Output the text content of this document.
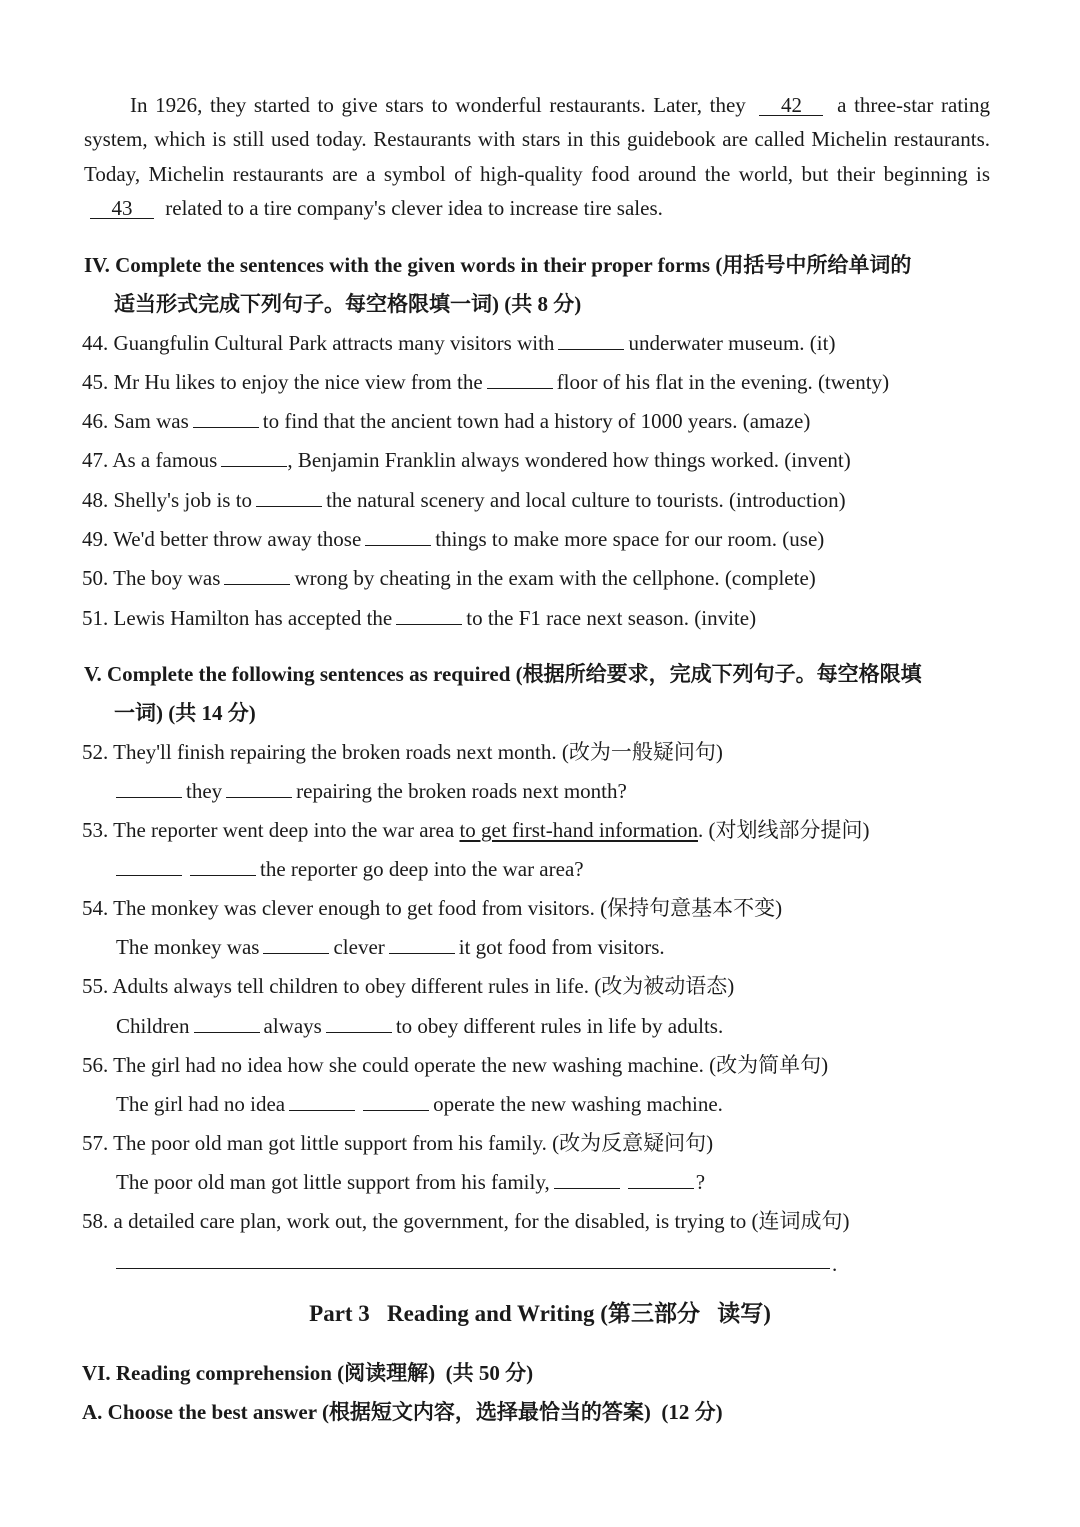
In 1926, they started to give stars to wonderful restaurants. Later, they 42 a three-star rating system, which is still used today. Restaurants with stars in this guidebook are called Michelin restaurants. Today, Michelin restaurants are a symbol of high-quality food around the world, but their beginning is 43 related to a tire company's clever idea to increase tire sales.
IV. Complete the sentences with the given words in their proper forms (用括号中所给单词的
适当形式完成下列句子。每空格限填一词) (共 8 分)
44. Guangfulin Cultural Park attracts many visitors with	underwater museum. (it)
45. Mr Hu likes to enjoy the nice view from the	floor of his flat in the evening. (twenty)
46. Sam was	to find that the ancient town had a history of 1000 years. (amaze)
47. As a famous	, Benjamin Franklin always wondered how things worked. (invent)
48. Shelly's job is to	the natural scenery and local culture to tourists. (introduction)
49. We'd better throw away those	things to make more space for our room. (use)
50. The boy was	wrong by cheating in the exam with the cellphone. (complete)
51. Lewis Hamilton has accepted the	to the F1 race next season. (invite)
V. Complete the following sentences as required (根据所给要求，完成下列句子。每空格限填
一词) (共 14 分)
52. They'll finish repairing the broken roads next month. (改为一般疑问句)
they	repairing the broken roads next month?
53. The reporter went deep into the war area to get first-hand information. (对划线部分提问)
the reporter go deep into the war area?
54. The monkey was clever enough to get food from visitors. (保持句意基本不变)
The monkey was	clever	it got food from visitors.
55. Adults always tell children to obey different rules in life. (改为被动语态)
Children	always	to obey different rules in life by adults.
56. The girl had no idea how she could operate the new washing machine. (改为简单句)
The girl had no idea	operate the new washing machine.
57. The poor old man got little support from his family. (改为反意疑问句)
The poor old man got little support from his family,	?
58. a detailed care plan, work out, the government, for the disabled, is trying to (连词成句)
.
Part 3   Reading and Writing (第三部分   读写)
VI. Reading comprehension (阅读理解)  (共 50 分)
A. Choose the best answer (根据短文内容，选择最恰当的答案)  (12 分)
